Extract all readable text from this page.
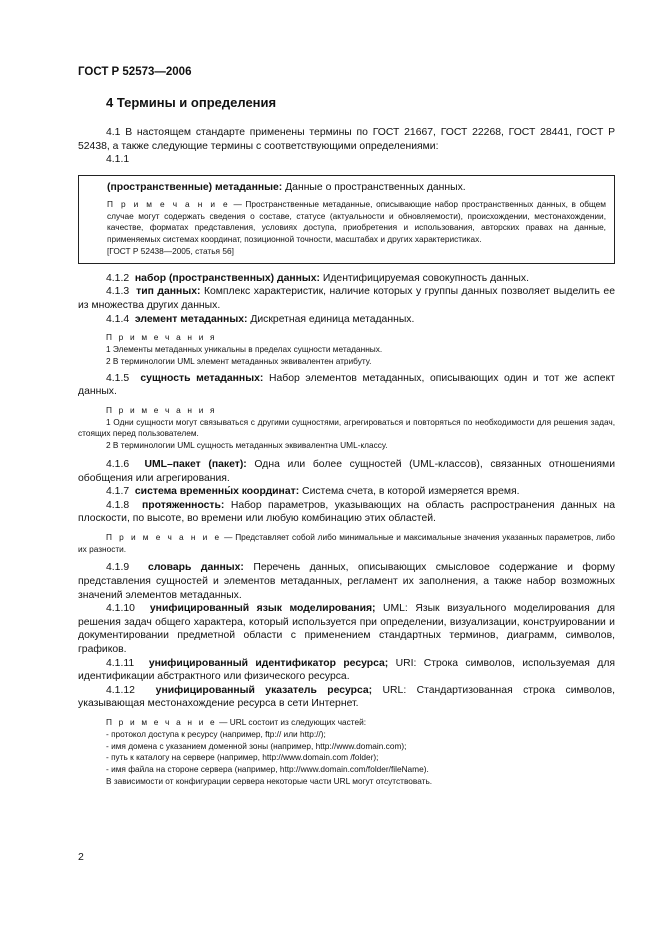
ГОСТ Р 52573—2006
4 Термины и определения

4.1 В настоящем стандарте применены термины по ГОСТ 21667, ГОСТ 22268, ГОСТ 28441, ГОСТ Р 52438, а также следующие термины с соответствующими определениями:

4.1.1

(пространственные) метаданные: Данные о пространственных данных.

П р и м е ч а н и е — Пространственные метаданные, описывающие набор пространственных данных, в общем случае могут содержать сведения о составе, статусе (актуальности и обновляемости), происхождении, местонахождении, качестве, форматах представления, условиях доступа, приобретения и использования, авторских правах на данные, применяемых системах координат, позиционной точности, масштабах и других характеристиках.

[ГОСТ Р 52438—2005, статья 56]

4.1.2 набор (пространственных) данных: Идентифицируемая совокупность данных.

4.1.3 тип данных: Комплекс характеристик, наличие которых у группы данных позволяет выделить ее из множества других данных.

4.1.4 элемент метаданных: Дискретная единица метаданных.

П р и м е ч а н и я

1 Элементы метаданных уникальны в пределах сущности метаданных.

2 В терминологии UML элемент метаданных эквивалентен атрибуту.

4.1.5 сущность метаданных: Набор элементов метаданных, описывающих один и тот же аспект данных.

П р и м е ч а н и я

1 Одни сущности могут связываться с другими сущностями, агрегироваться и повторяться по необходимости для решения задач, стоящих перед пользователем.

2 В терминологии UML сущность метаданных эквивалентна UML-классу.

4.1.6 UML–пакет (пакет): Одна или более сущностей (UML-классов), связанных отношениями обобщения или агрегирования.

4.1.7 система временны́х координат: Система счета, в которой измеряется время.

4.1.8 протяженность: Набор параметров, указывающих на область распространения данных на плоскости, по высоте, во времени или любую комбинацию этих областей.

П р и м е ч а н и е — Представляет собой либо минимальные и максимальные значения указанных параметров, либо их разности.

4.1.9 словарь данных: Перечень данных, описывающих смысловое содержание и форму представления сущностей и элементов метаданных, регламент их заполнения, а также набор возможных значений элементов метаданных.

4.1.10 унифицированный язык моделирования; UML: Язык визуального моделирования для решения задач общего характера, который используется при определении, визуализации, конструировании и документировании предметной области с применением стандартных терминов, диаграмм, символов, графиков.

4.1.11 унифицированный идентификатор ресурса; URI: Строка символов, используемая для идентификации абстрактного или физического ресурса.

4.1.12 унифицированный указатель ресурса; URL: Стандартизованная строка символов, указывающая местонахождение ресурса в сети Интернет.

П р и м е ч а н и е — URL состоит из следующих частей:

- протокол доступа к ресурсу (например, ftp:// или http://);

- имя домена с указанием доменной зоны (например, http://www.domain.com);

- путь к каталогу на сервере (например, http://www.domain.com /folder);

- имя файла на стороне сервера (например, http://www.domain.com/folder/fileName).

В зависимости от конфигурации сервера некоторые части URL могут отсутствовать.

2
